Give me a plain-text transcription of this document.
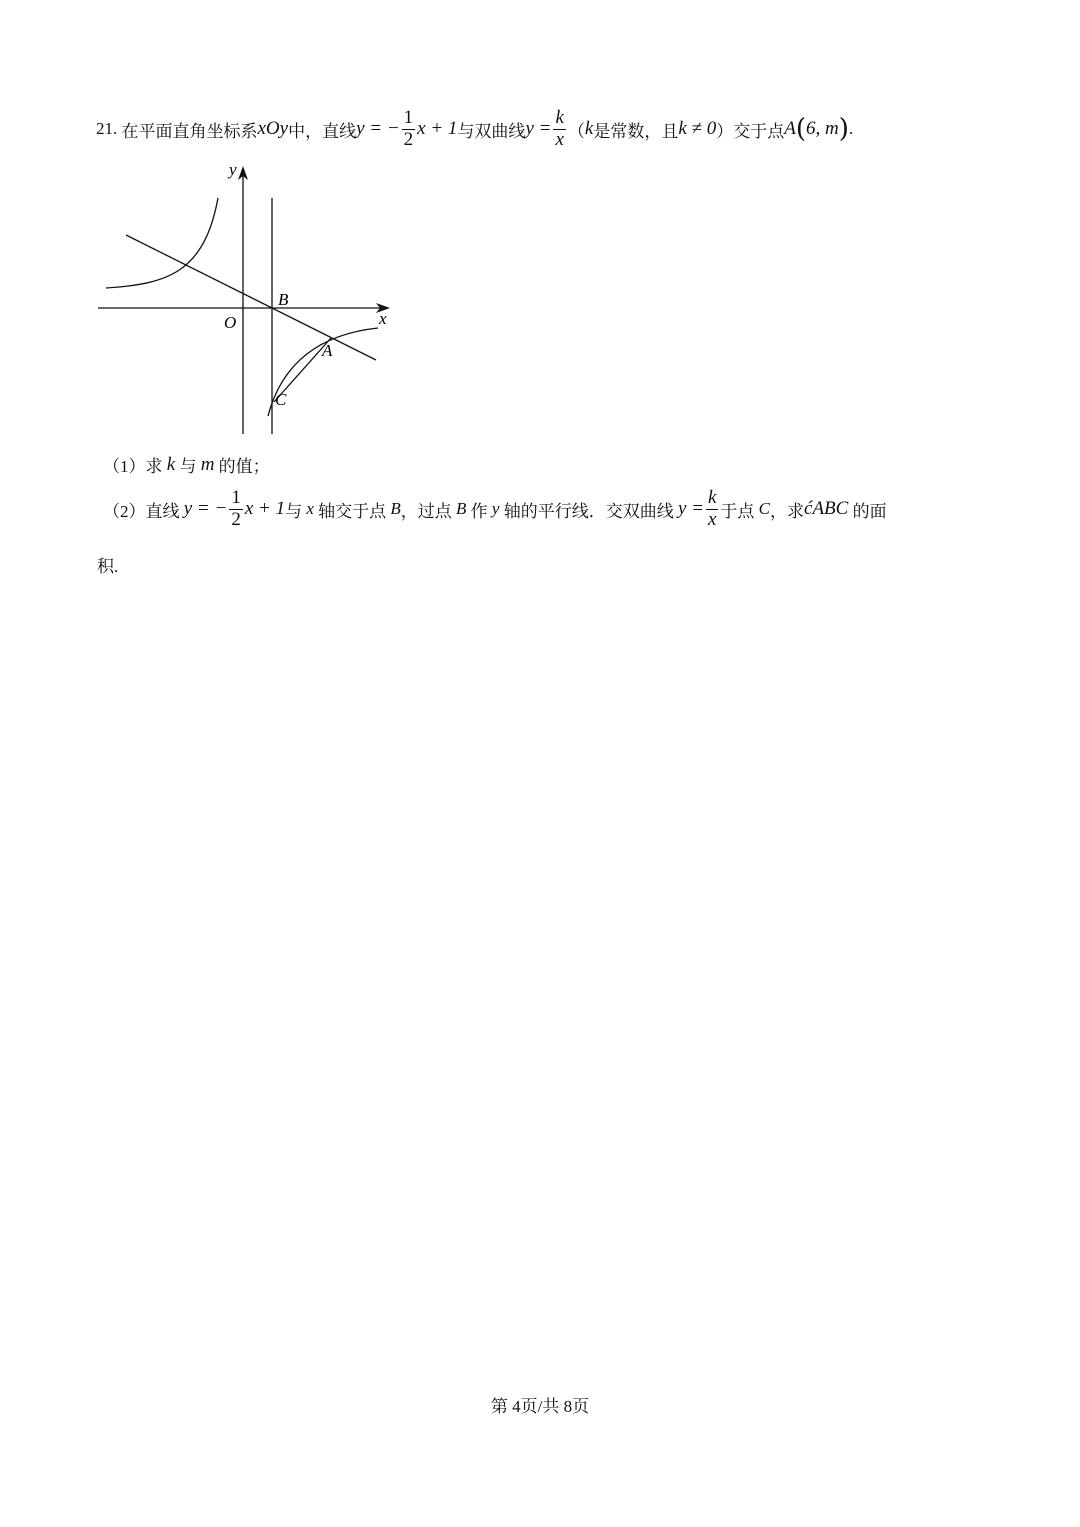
21.
在平面直角坐标系 xOy 中，直线 y = − $\frac{1}{2}$ x + 1 与双曲线 $y = \frac{k}{x}$ （ k 是常数，且 k ≠ 0 ）交于点 A ( 6, m ) .
y
x
O
B
A
C
（1）求
k
与
m
的值；
（2）直线
y = − $\frac{1}{2}$ x + 1 与
x
轴交于点
B ，过点
B
作
y
轴的平行线．交双曲线
$y = \frac{k}{x}$ 于点
C ，求 ćABC
的面
积.
第 4页/共 8页
